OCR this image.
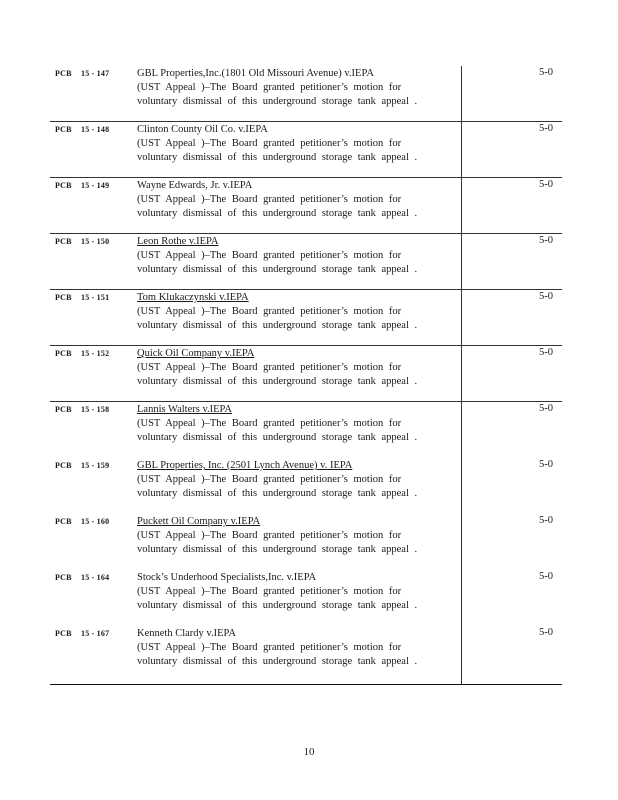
PCB 15 - 147	GBL Properties,Inc.(1801 Old Missouri Avenue) v.IEPA
(UST Appeal )–The Board granted petitioner’s motion for
voluntary dismissal of this underground storage tank appeal .
5-0
PCB 15 - 148	Clinton County Oil Co. v.IEPA
(UST Appeal )–The Board granted petitioner’s motion for
voluntary dismissal of this underground storage tank appeal .
5-0
PCB 15 - 149	Wayne Edwards, Jr. v.IEPA
(UST Appeal )–The Board granted petitioner’s motion for
voluntary dismissal of this underground storage tank appeal .
5-0
PCB 15 - 150	Leon Rothe v.IEPA
(UST Appeal )–The Board granted petitioner’s motion for
voluntary dismissal of this underground storage tank appeal .
5-0
PCB 15 - 151	Tom Klukaczynski v.IEPA
(UST Appeal )–The Board granted petitioner’s motion for
voluntary dismissal of this underground storage tank appeal .
5-0
PCB 15 - 152	Quick Oil Company v.IEPA
(UST Appeal )–The Board granted petitioner’s motion for
voluntary dismissal of this underground storage tank appeal .
5-0
PCB 15 - 158	Lannis Walters v.IEPA
(UST Appeal )–The Board granted petitioner’s motion for
voluntary dismissal of this underground storage tank appeal .
5-0
PCB 15 - 159	GBL Properties, Inc. (2501 Lynch Avenue) v. IEPA
(UST Appeal )–The Board granted petitioner’s motion for
voluntary dismissal of this underground storage tank appeal .
5-0
PCB 15 - 160	Puckett Oil Company v.IEPA
(UST Appeal )–The Board granted petitioner’s motion for
voluntary dismissal of this underground storage tank appeal .
5-0
PCB 15 - 164	Stock’s Underhood Specialists,Inc. v.IEPA
(UST Appeal )–The Board granted petitioner’s motion for
voluntary dismissal of this underground storage tank appeal .
5-0
PCB 15 - 167	Kenneth Clardy v.IEPA
(UST Appeal )–The Board granted petitioner’s motion for
voluntary dismissal of this underground storage tank appeal .
5-0
10
